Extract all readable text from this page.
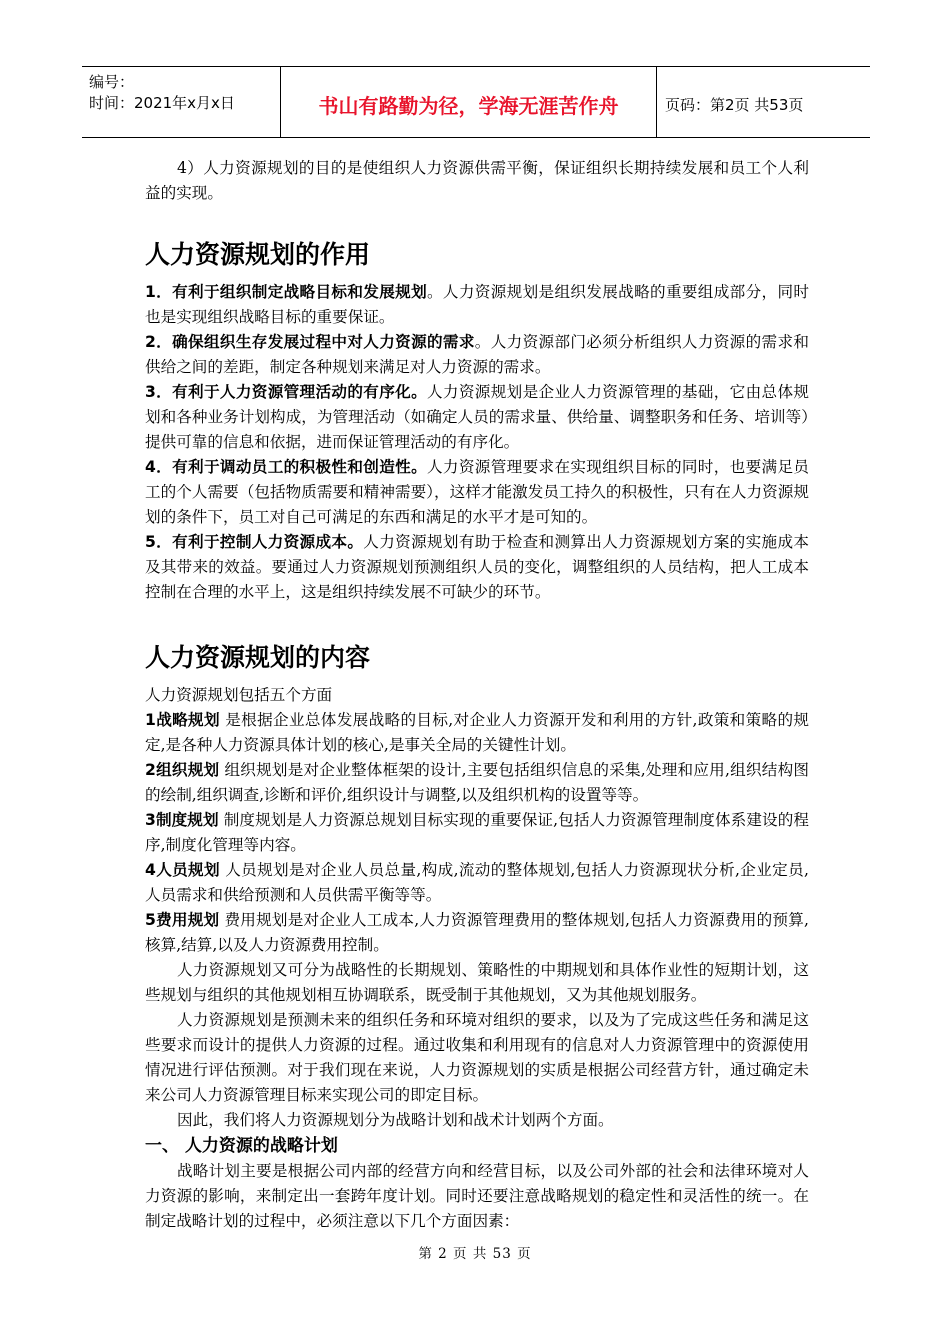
编号：
时间：2021年x月x日	书山有路勤为径，学海无涯苦作舟	页码：第2页 共53页

4）人力资源规划的目的是使组织人力资源供需平衡，保证组织长期持续发展和员工个人利益的实现。

人力资源规划的作用

1．有利于组织制定战略目标和发展规划。人力资源规划是组织发展战略的重要组成部分，同时也是实现组织战略目标的重要保证。

2．确保组织生存发展过程中对人力资源的需求。人力资源部门必须分析组织人力资源的需求和供给之间的差距，制定各种规划来满足对人力资源的需求。

3．有利于人力资源管理活动的有序化。人力资源规划是企业人力资源管理的基础，它由总体规划和各种业务计划构成，为管理活动（如确定人员的需求量、供给量、调整职务和任务、培训等）提供可靠的信息和依据，进而保证管理活动的有序化。

4．有利于调动员工的积极性和创造性。人力资源管理要求在实现组织目标的同时，也要满足员工的个人需要（包括物质需要和精神需要），这样才能激发员工持久的积极性，只有在人力资源规划的条件下，员工对自己可满足的东西和满足的水平才是可知的。

5．有利于控制人力资源成本。人力资源规划有助于检查和测算出人力资源规划方案的实施成本及其带来的效益。要通过人力资源规划预测组织人员的变化，调整组织的人员结构，把人工成本控制在合理的水平上，这是组织持续发展不可缺少的环节。

人力资源规划的内容

人力资源规划包括五个方面

1战略规划 是根据企业总体发展战略的目标,对企业人力资源开发和利用的方针,政策和策略的规定,是各种人力资源具体计划的核心,是事关全局的关键性计划。

2组织规划 组织规划是对企业整体框架的设计,主要包括组织信息的采集,处理和应用,组织结构图的绘制,组织调查,诊断和评价,组织设计与调整,以及组织机构的设置等等。

3制度规划 制度规划是人力资源总规划目标实现的重要保证,包括人力资源管理制度体系建设的程序,制度化管理等内容。

4人员规划 人员规划是对企业人员总量,构成,流动的整体规划,包括人力资源现状分析,企业定员,人员需求和供给预测和人员供需平衡等等。

5费用规划 费用规划是对企业人工成本,人力资源管理费用的整体规划,包括人力资源费用的预算,核算,结算,以及人力资源费用控制。

人力资源规划又可分为战略性的长期规划、策略性的中期规划和具体作业性的短期计划，这些规划与组织的其他规划相互协调联系，既受制于其他规划，又为其他规划服务。

人力资源规划是预测未来的组织任务和环境对组织的要求，以及为了完成这些任务和满足这些要求而设计的提供人力资源的过程。通过收集和利用现有的信息对人力资源管理中的资源使用情况进行评估预测。对于我们现在来说，人力资源规划的实质是根据公司经营方针，通过确定未来公司人力资源管理目标来实现公司的即定目标。

因此，我们将人力资源规划分为战略计划和战术计划两个方面。

一、 人力资源的战略计划

战略计划主要是根据公司内部的经营方向和经营目标，以及公司外部的社会和法律环境对人力资源的影响，来制定出一套跨年度计划。同时还要注意战略规划的稳定性和灵活性的统一。在制定战略计划的过程中，必须注意以下几个方面因素：

第 2 页 共 53 页
